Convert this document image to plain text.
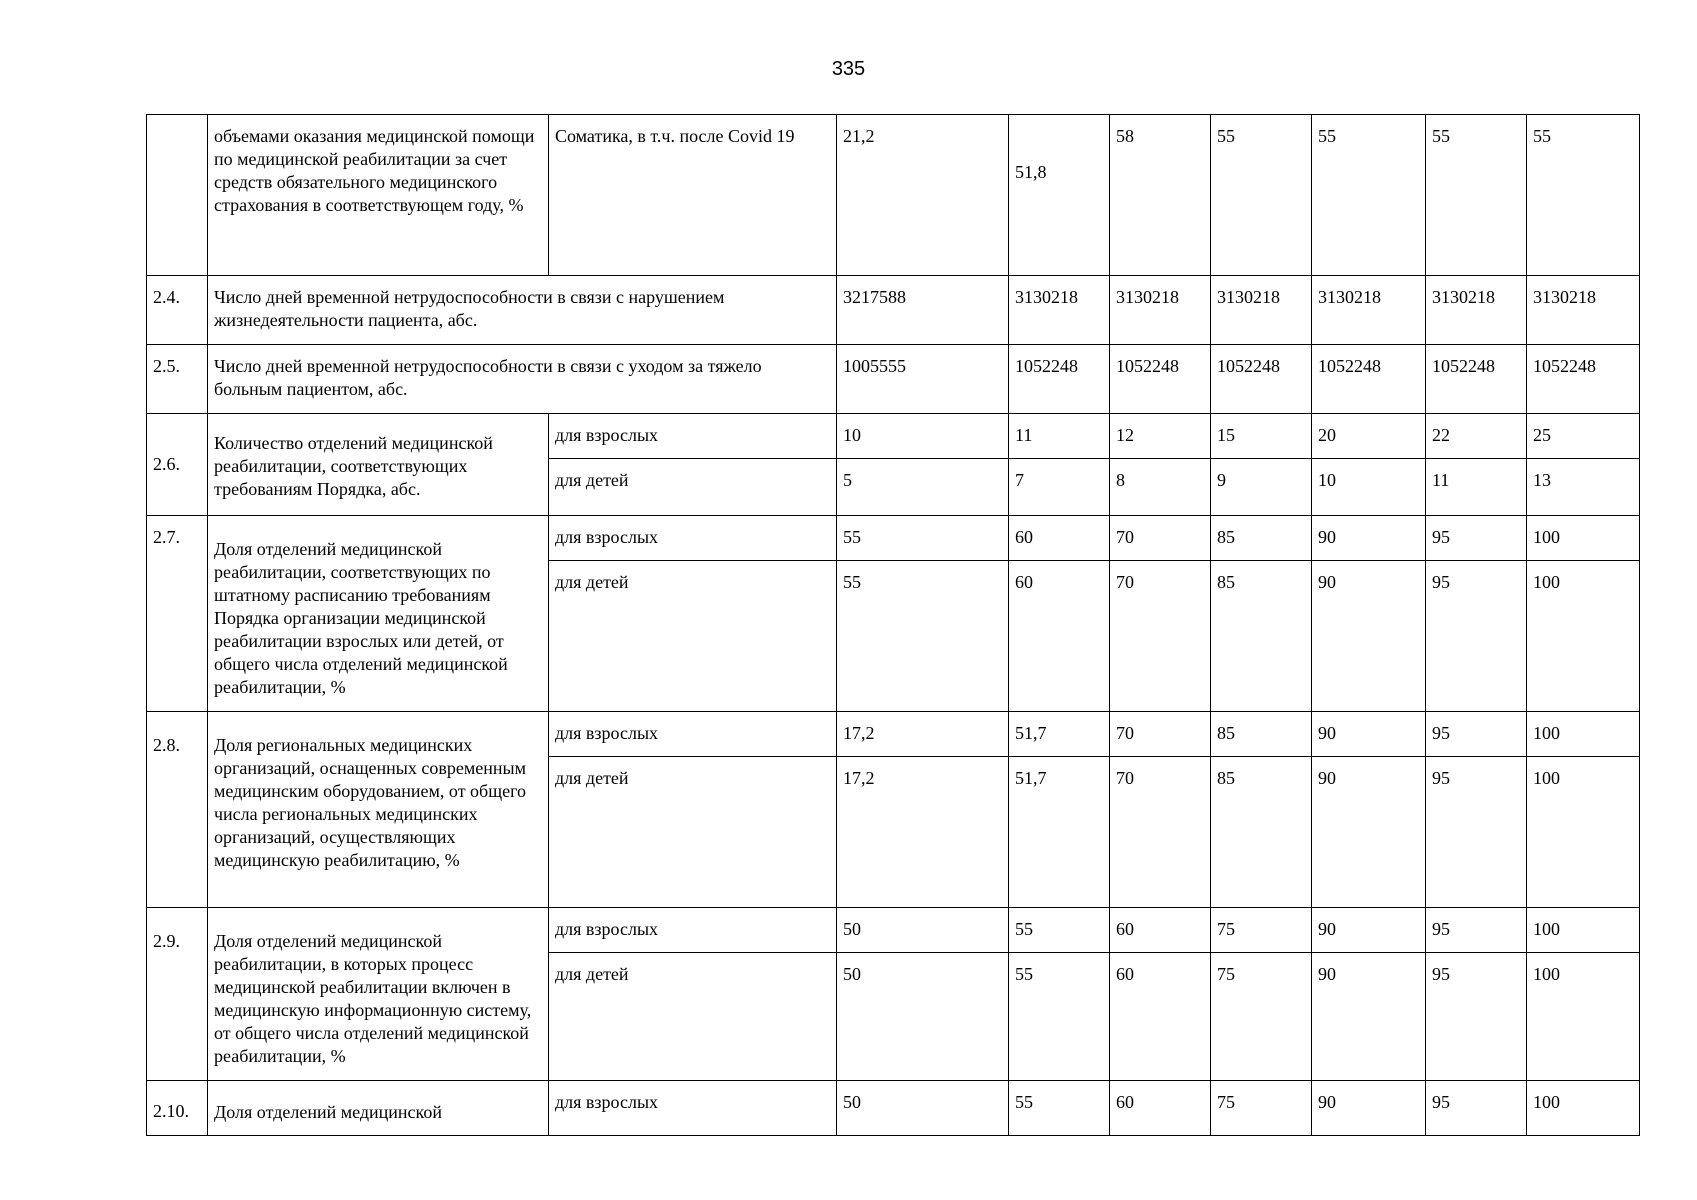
335
	объемами оказания медицинской помощи по медицинской реабилитации за счет средств обязательного медицинского страхования в соответствующем году, %	Соматика, в т.ч. после Covid 19	21,2	51,8	58	55	55	55	55
2.4.	Число дней временной нетрудоспособности в связи с нарушением жизнедеятельности пациента, абс.		3217588	3130218	3130218	3130218	3130218	3130218	3130218
2.5.	Число дней временной нетрудоспособности в связи с уходом за тяжело больным пациентом, абс.		1005555	1052248	1052248	1052248	1052248	1052248	1052248
2.6.	Количество отделений медицинской реабилитации, соответствующих требованиям Порядка, абс.	для взрослых	10	11	12	15	20	22	25
		для детей	5	7	8	9	10	11	13
2.7.	Доля отделений медицинской реабилитации, соответствующих по штатному расписанию требованиям Порядка организации медицинской реабилитации взрослых или детей, от общего числа отделений медицинской реабилитации, %	для взрослых	55	60	70	85	90	95	100
		для детей	55	60	70	85	90	95	100
2.8.	Доля региональных медицинских организаций, оснащенных современным медицинским оборудованием, от общего числа региональных медицинских организаций, осуществляющих медицинскую реабилитацию, %	для взрослых	17,2	51,7	70	85	90	95	100
		для детей	17,2	51,7	70	85	90	95	100
2.9.	Доля отделений медицинской реабилитации, в которых процесс медицинской реабилитации включен в медицинскую информационную систему, от общего числа отделений медицинской реабилитации, %	для взрослых	50	55	60	75	90	95	100
		для детей	50	55	60	75	90	95	100
2.10.	Доля отделений медицинской	для взрослых	50	55	60	75	90	95	100
